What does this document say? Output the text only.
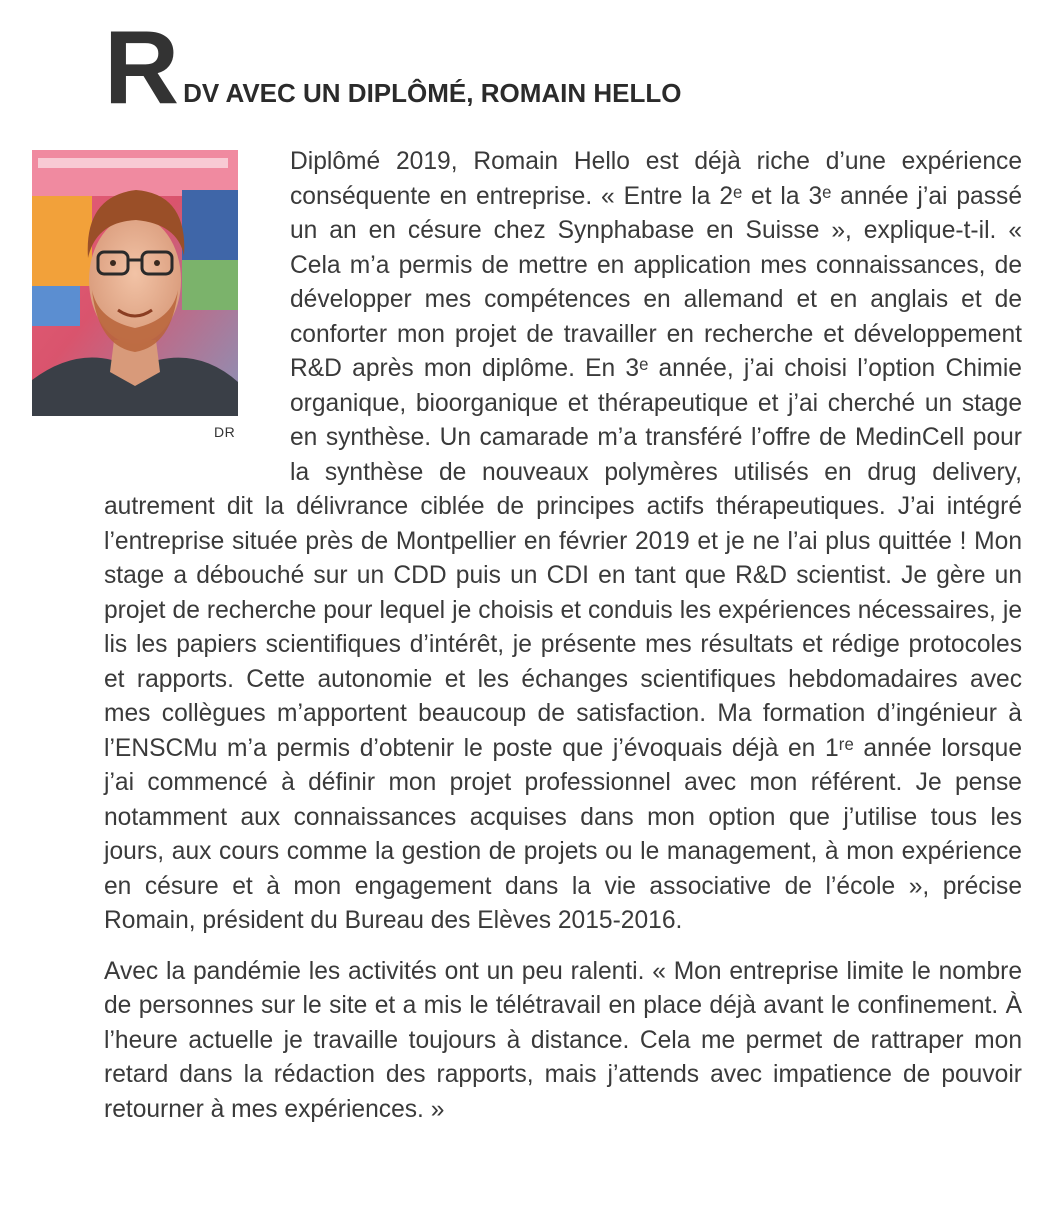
R DV AVEC UN DIPLÔMÉ, ROMAIN HELLO
DR

Diplômé 2019, Romain Hello est déjà riche d’une expérience conséquente en entreprise. « Entre la 2ᵉ et la 3ᵉ année j’ai passé un an en césure chez Synphabase en Suisse », explique-t-il. « Cela m’a permis de mettre en application mes connaissances, de développer mes compétences en allemand et en anglais et de conforter mon projet de travailler en recherche et développement R&D après mon diplôme. En 3ᵉ année, j’ai choisi l’option Chimie organique, bioorganique et thérapeutique et j’ai cherché un stage en synthèse. Un camarade m’a transféré l’offre de MedinCell pour la synthèse de nouveaux polymères utilisés en drug delivery, autrement dit la délivrance ciblée de principes actifs thérapeutiques. J’ai intégré l’entreprise située près de Montpellier en février 2019 et je ne l’ai plus quittée ! Mon stage a débouché sur un CDD puis un CDI en tant que R&D scientist. Je gère un projet de recherche pour lequel je choisis et conduis les expériences nécessaires, je lis les papiers scientifiques d’intérêt, je présente mes résultats et rédige protocoles et rapports. Cette autonomie et les échanges scientifiques hebdomadaires avec mes collègues m’apportent beaucoup de satisfaction. Ma formation d’ingénieur à l’ENSCMu m’a permis d’obtenir le poste que j’évoquais déjà en 1ʳᵉ année lorsque j’ai commencé à définir mon projet professionnel avec mon référent. Je pense notamment aux connaissances acquises dans mon option que j’utilise tous les jours, aux cours comme la gestion de projets ou le management, à mon expérience en césure et à mon engagement dans la vie associative de l’école », précise Romain, président du Bureau des Elèves 2015-2016.

Avec la pandémie les activités ont un peu ralenti. « Mon entreprise limite le nombre de personnes sur le site et a mis le télétravail en place déjà avant le confinement. À l’heure actuelle je travaille toujours à distance. Cela me permet de rattraper mon retard dans la rédaction des rapports, mais j’attends avec impatience de pouvoir retourner à mes expériences. »
